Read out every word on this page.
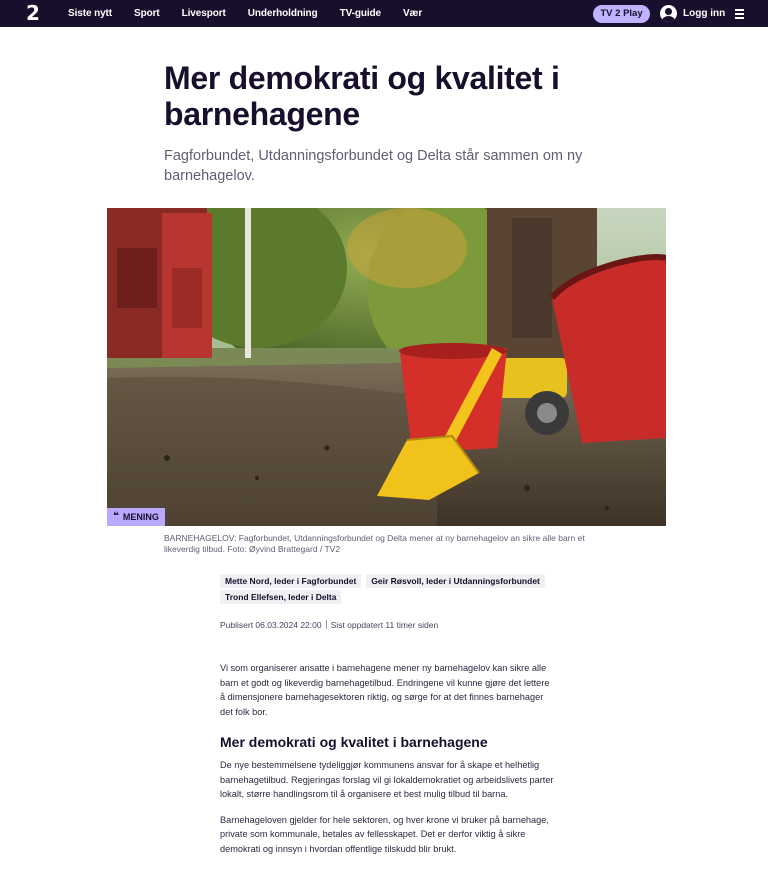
2	Siste nytt Sport Livesport Underholdning TV-guide Vær	TV 2 Play	Logg inn
Mer demokrati og kvalitet i barnehagene

Fagforbundet, Utdanningsforbundet og Delta står sammen om ny barnehagelov.

❝ MENING

BARNEHAGELOV: Fagforbundet, Utdanningsforbundet og Delta mener at ny barnehagelov an sikre alle barn et likeverdig tilbud. Foto: Øyvind Brattegard / TV2

Mette Nord, leder i Fagforbundet	Geir Røsvoll, leder i Utdanningsforbundet
Trond Ellefsen, leder i Delta
Publisert 06.03.2024 22:00 Sist oppdatert 11 timer siden

Vi som organiserer ansatte i barnehagene mener ny barnehagelov kan sikre alle barn et godt og likeverdig barnehagetilbud. Endringene vil kunne gjøre det lettere å dimensjonere barnehagesektoren riktig, og sørge for at det finnes barnehager det folk bor.

Mer demokrati og kvalitet i barnehagene

De nye bestemmelsene tydeliggjør kommunens ansvar for å skape et helhetlig barnehagetilbud. Regjeringas forslag vil gi lokaldemokratiet og arbeidslivets parter lokalt, større handlingsrom til å organisere et best mulig tilbud til barna.

Barnehageloven gjelder for hele sektoren, og hver krone vi bruker på barnehage, private som kommunale, betales av fellesskapet. Det er derfor viktig å sikre demokrati og innsyn i hvordan offentlige tilskudd blir brukt.
